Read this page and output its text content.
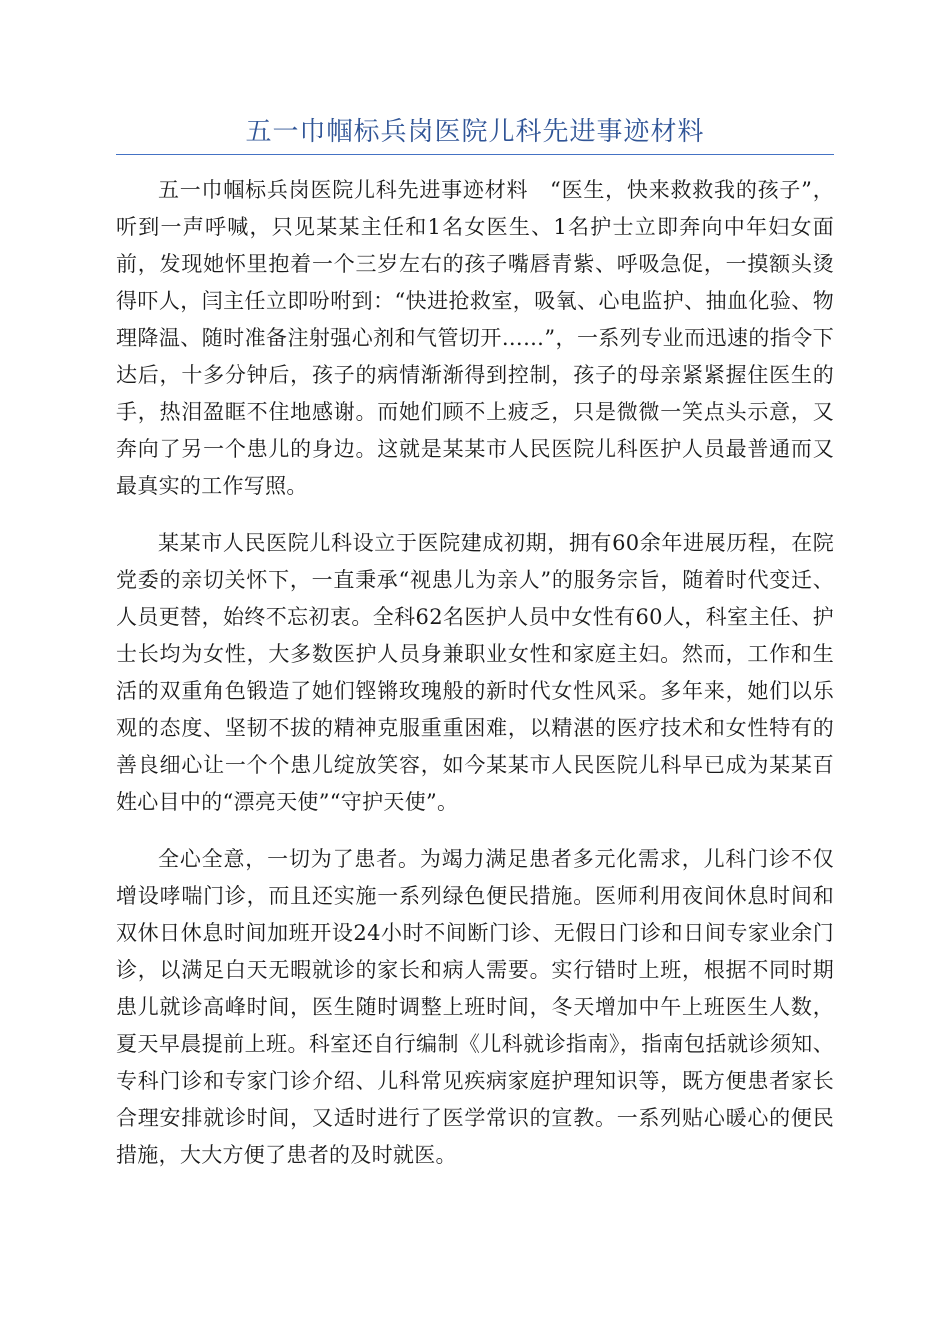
五一巾帼标兵岗医院儿科先进事迹材料

五一巾帼标兵岗医院儿科先进事迹材料　“医生，快来救救我的孩子”，听到一声呼喊，只见某某主任和1名女医生、1名护士立即奔向中年妇女面前，发现她怀里抱着一个三岁左右的孩子嘴唇青紫、呼吸急促，一摸额头烫得吓人，闫主任立即吩咐到：“快进抢救室，吸氧、心电监护、抽血化验、物理降温、随时准备注射强心剂和气管切开……”，一系列专业而迅速的指令下达后，十多分钟后，孩子的病情渐渐得到控制，孩子的母亲紧紧握住医生的手，热泪盈眶不住地感谢。而她们顾不上疲乏，只是微微一笑点头示意，又奔向了另一个患儿的身边。这就是某某市人民医院儿科医护人员最普通而又最真实的工作写照。

某某市人民医院儿科设立于医院建成初期，拥有60余年进展历程，在院党委的亲切关怀下，一直秉承“视患儿为亲人”的服务宗旨，随着时代变迁、人员更替，始终不忘初衷。全科62名医护人员中女性有60人，科室主任、护士长均为女性，大多数医护人员身兼职业女性和家庭主妇。然而，工作和生活的双重角色锻造了她们铿锵玫瑰般的新时代女性风采。多年来，她们以乐观的态度、坚韧不拔的精神克服重重困难，以精湛的医疗技术和女性特有的善良细心让一个个患儿绽放笑容，如今某某市人民医院儿科早已成为某某百姓心目中的“漂亮天使”“守护天使”。

全心全意，一切为了患者。为竭力满足患者多元化需求，儿科门诊不仅增设哮喘门诊，而且还实施一系列绿色便民措施。医师利用夜间休息时间和双休日休息时间加班开设24小时不间断门诊、无假日门诊和日间专家业余门诊，以满足白天无暇就诊的家长和病人需要。实行错时上班，根据不同时期患儿就诊高峰时间，医生随时调整上班时间，冬天增加中午上班医生人数，夏天早晨提前上班。科室还自行编制《儿科就诊指南》，指南包括就诊须知、专科门诊和专家门诊介绍、儿科常见疾病家庭护理知识等，既方便患者家长合理安排就诊时间，又适时进行了医学常识的宣教。一系列贴心暖心的便民措施，大大方便了患者的及时就医。
